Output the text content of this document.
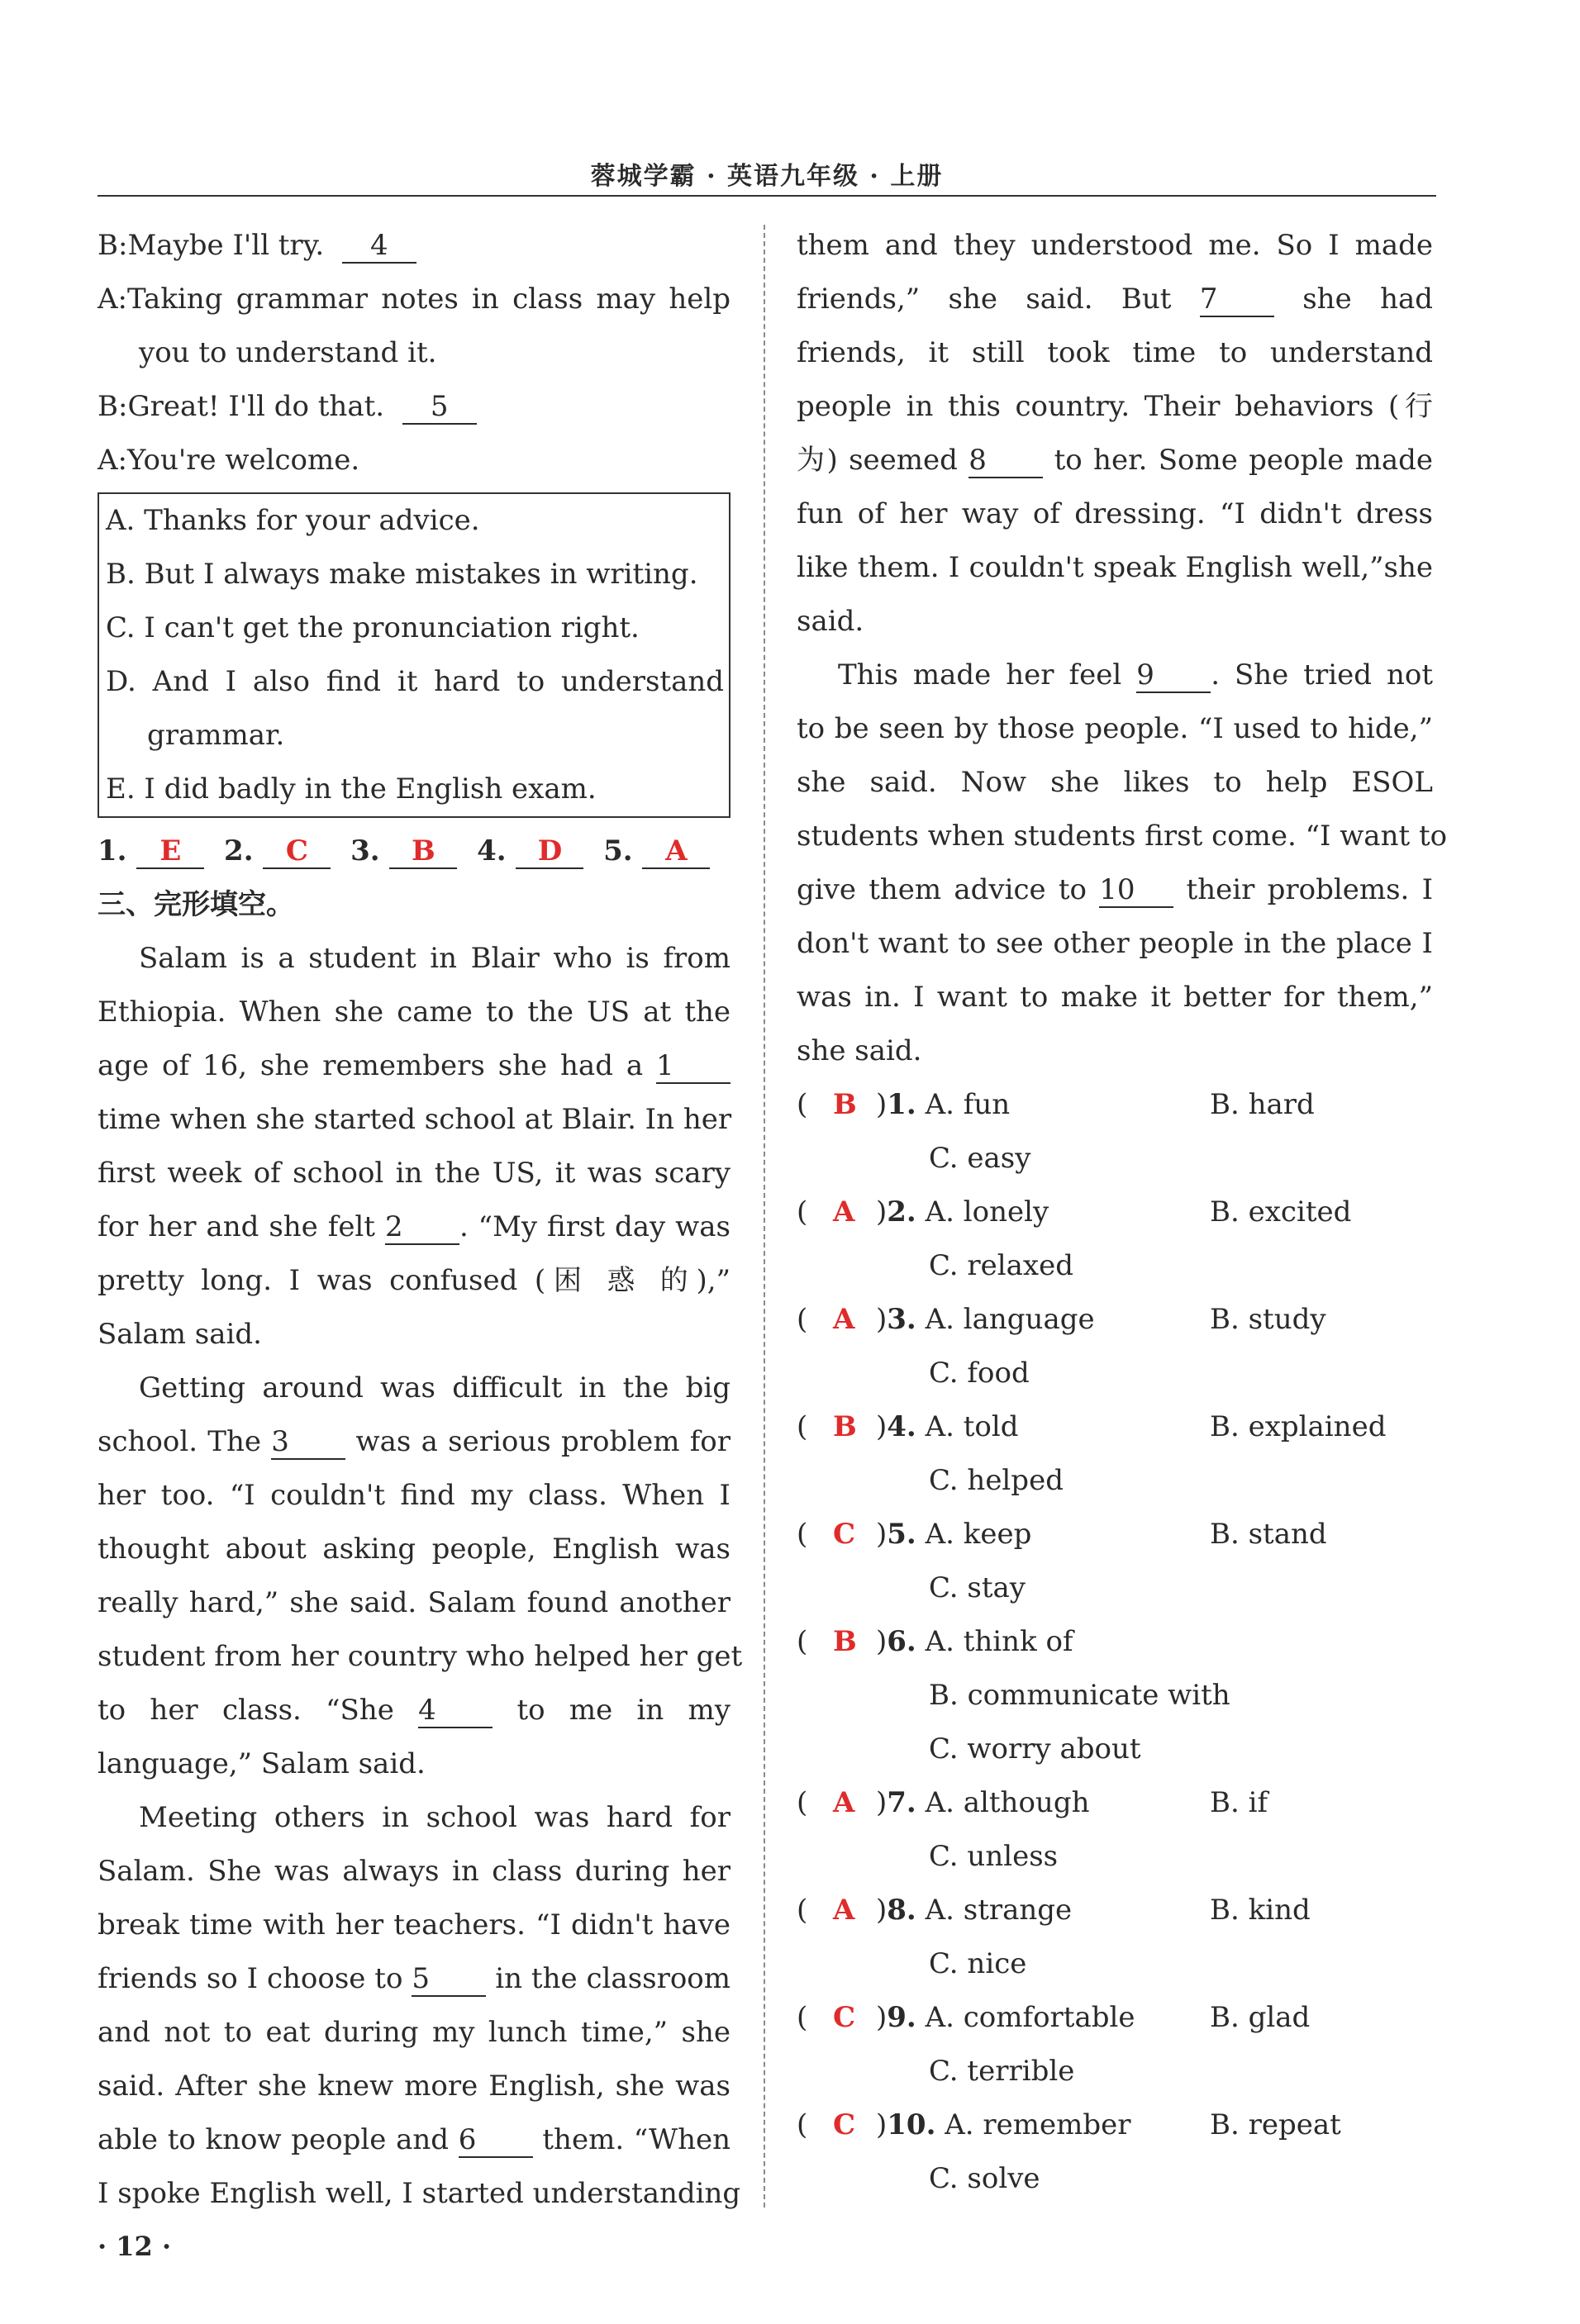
蓉城学霸 · 英语九年级 · 上册
B:Maybe I'll try. 4
A:Taking grammar notes in class may help
you to understand it.
B:Great! I'll do that. 5
A:You're welcome.
A. Thanks for your advice.
B. But I always make mistakes in writing.
C. I can't get the pronunciation right.
D. And I also find it hard to understand
grammar.
E. I did badly in the English exam.
1. E 2. C 3. B 4. D 5. A
三、完形填空。
Salam is a student in Blair who is from
Ethiopia. When she came to the US at the
age of 16, she remembers she had a 1
time when she started school at Blair. In her
first week of school in the US, it was scary
for her and she felt 2 . “My first day was
pretty long. I was confused (困 惑 的),”
Salam said.
Getting around was difficult in the big
school. The 3 was a serious problem for
her too. “I couldn't find my class. When I
thought about asking people, English was
really hard,” she said. Salam found another
student from her country who helped her get
to her class. “She 4	to me in my
language,” Salam said.
Meeting others in school was hard for
Salam. She was always in class during her
break time with her teachers. “I didn't have
friends so I choose to 5 in the classroom
and not to eat during my lunch time,” she
said. After she knew more English, she was
able to know people and 6 them. “When
I spoke English well, I started understanding
them and they understood me. So I made
friends,” she said. But 7	she had
friends, it still took time to understand
people in this country. Their behaviors (行
为) seemed 8 to her. Some people made
fun of her way of dressing. “I didn't dress
like them. I couldn't speak English well,”she
said.
This made her feel 9 . She tried not
to be seen by those people. “I used to hide,”
she said. Now she likes to help ESOL
students when students first come. “I want to
give them advice to 10 their problems. I
don't want to see other people in the place I
was in. I want to make it better for them,”
she said.
( B )1. A. fun	B. hard
C. easy
( A )2. A. lonely	B. excited
C. relaxed
( A )3. A. language	B. study
C. food
( B )4. A. told	B. explained
C. helped
( C )5. A. keep	B. stand
C. stay
( B )6. A. think of
B. communicate with
C. worry about
( A )7. A. although	B. if
C. unless
( A )8. A. strange	B. kind
C. nice
( C )9. A. comfortable	B. glad
C. terrible
( C )10. A. remember	B. repeat
C. solve
· 12 ·
